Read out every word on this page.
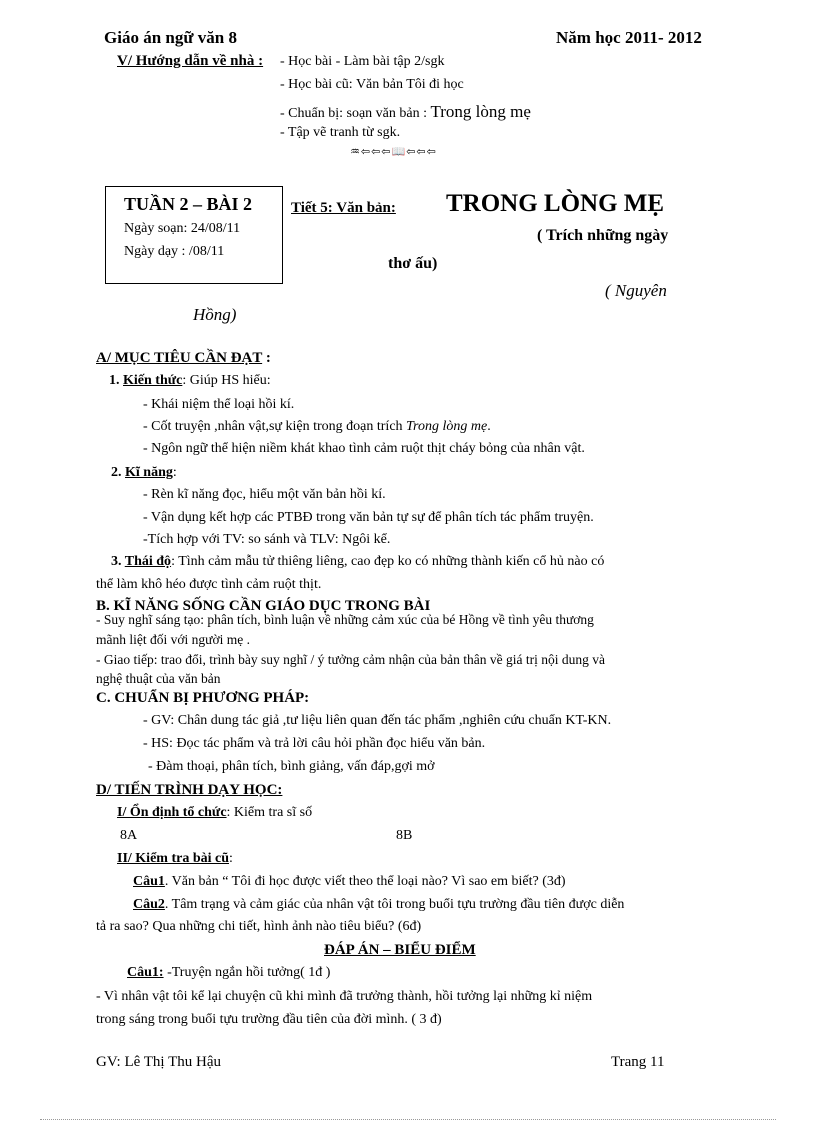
Giáo án ngữ văn 8	Năm học 2011- 2012
V/ Hướng dẫn về nhà : - Học bài - Làm bài tập 2/sgk
- Học bài cũ: Văn bản Tôi đi học
- Chuẩn bị: soạn văn bản : Trong lòng mẹ
- Tập vẽ tranh từ sgk.
♒⇦⇦⇦📖⇦⇦⇦
TUẦN 2 – BÀI 2
Ngày soạn: 24/08/11
Ngày dạy : /08/11
Tiết 5: Văn bản: TRONG LÒNG MẸ
( Trích những ngày
thơ ấu)
( Nguyên
Hồng)
A/ MỤC TIÊU CẦN ĐẠT :
1. Kiến thức: Giúp HS hiểu:
- Khái niệm thể loại hồi kí.
- Cốt truyện ,nhân vật,sự kiện trong đoạn trích Trong lòng mẹ.
- Ngôn ngữ thể hiện niềm khát khao tình cảm ruột thịt cháy bỏng của nhân vật.
2. Kĩ năng:
- Rèn kĩ năng đọc, hiểu một văn bản hồi kí.
- Vận dụng kết hợp các PTBĐ trong văn bản tự sự để phân tích tác phẩm truyện.
-Tích hợp với TV: so sánh và TLV: Ngôi kể.
3. Thái độ: Tình cảm mẫu tử thiêng liêng, cao đẹp ko có những thành kiến cổ hủ nào có
thể làm khô héo được tình cảm ruột thịt.
B. KĨ NĂNG SỐNG CẦN GIÁO DỤC TRONG BÀI
- Suy nghĩ sáng tạo: phân tích, bình luận về những cảm xúc của bé Hồng về tình yêu thương
mãnh liệt đối với người mẹ .
- Giao tiếp: trao đổi, trình bày suy nghĩ / ý tưởng cảm nhận của bản thân về giá trị nội dung và
nghệ thuật của văn bản
C. CHUẨN BỊ PHƯƠNG PHÁP:
- GV: Chân dung tác giả ,tư liệu liên quan đến tác phẩm ,nghiên cứu chuẩn KT-KN.
- HS: Đọc tác phẩm và trả lời câu hỏi phần đọc hiểu văn bản.
- Đàm thoại, phân tích, bình giảng, vấn đáp,gợi mở
D/ TIẾN TRÌNH DẠY HỌC:
I/ Ổn định tổ chức: Kiểm tra sĩ số
8A	8B
II/ Kiểm tra bài cũ:
Câu1. Văn bản “ Tôi đi học được viết theo thể loại nào? Vì sao em biết? (3đ)
Câu2. Tâm trạng và cảm giác của nhân vật tôi trong buổi tựu trường đầu tiên được diễn
tả ra sao? Qua những chi tiết, hình ảnh nào tiêu biểu? (6đ)
ĐÁP ÁN – BIỂU ĐIỂM
Câu1: -Truyện ngắn hồi tưởng( 1đ )
- Vì nhân vật tôi kể lại chuyện cũ khi mình đã trưởng thành, hồi tưởng lại những kỉ niệm
trong sáng trong buổi tựu trường đầu tiên của đời mình. ( 3 đ)
GV: Lê Thị Thu Hậu	Trang 11
